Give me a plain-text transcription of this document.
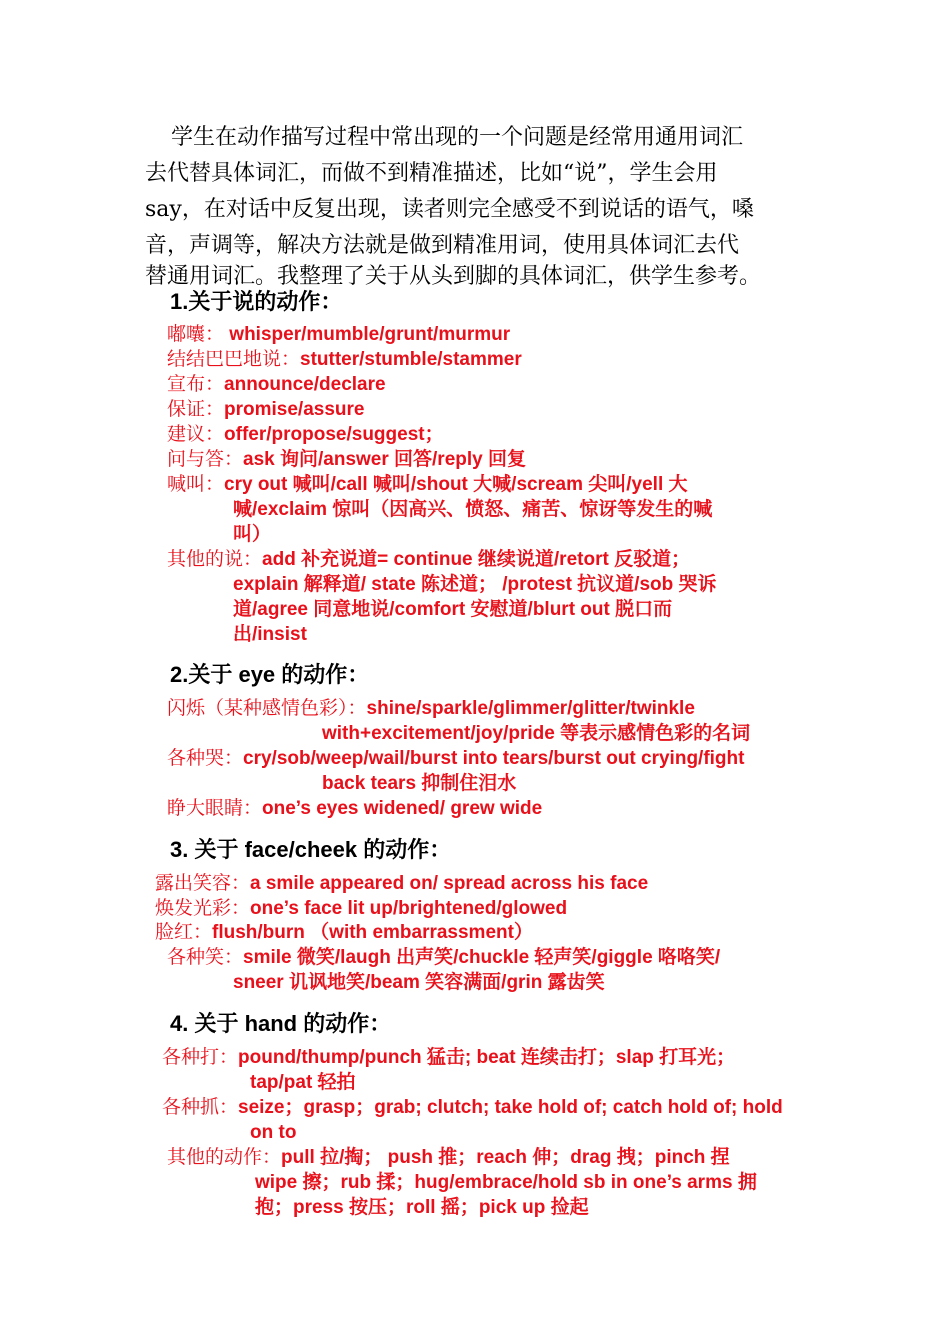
学生在动作描写过程中常出现的一个问题是经常用通用词汇
去代替具体词汇，而做不到精准描述，比如“说”，学生会用
say，在对话中反复出现，读者则完全感受不到说话的语气，嗓
音，声调等，解决方法就是做到精准用词，使用具体词汇去代
替通用词汇。我整理了关于从头到脚的具体词汇，供学生参考。
1.关于说的动作：
嘟囔： whisper/mumble/grunt/murmur
结结巴巴地说：stutter/stumble/stammer
宣布：announce/declare
保证：promise/assure
建议：offer/propose/suggest；
问与答：ask 询问/answer 回答/reply 回复
喊叫：cry out 喊叫/call 喊叫/shout 大喊/scream 尖叫/yell 大
喊/exclaim 惊叫（因高兴、愤怒、痛苦、惊讶等发生的喊
叫）
其他的说：add 补充说道= continue 继续说道/retort 反驳道；
explain 解释道/ state 陈述道； /protest 抗议道/sob 哭诉
道/agree 同意地说/comfort 安慰道/blurt out 脱口而
出/insist
2.关于 eye 的动作：
闪烁（某种感情色彩）：shine/sparkle/glimmer/glitter/twinkle
with+excitement/joy/pride 等表示感情色彩的名词
各种哭：cry/sob/weep/wail/burst into tears/burst out crying/fight
back tears 抑制住泪水
睁大眼睛：one’s eyes widened/ grew wide
3. 关于 face/cheek 的动作：
露出笑容：a smile appeared on/ spread across his face
焕发光彩：one’s face lit up/brightened/glowed
脸红：flush/burn （with embarrassment）
各种笑：smile 微笑/laugh 出声笑/chuckle 轻声笑/giggle 咯咯笑/
sneer 讥讽地笑/beam 笑容满面/grin 露齿笑
4. 关于 hand 的动作：
各种打：pound/thump/punch 猛击; beat 连续击打；slap 打耳光；
tap/pat 轻拍
各种抓：seize；grasp；grab; clutch; take hold of; catch hold of; hold
on to
其他的动作：pull 拉/掏； push 推；reach 伸；drag 拽；pinch 捏
wipe 擦；rub 揉；hug/embrace/hold sb in one’s arms 拥
抱；press 按压；roll 摇；pick up 捡起
